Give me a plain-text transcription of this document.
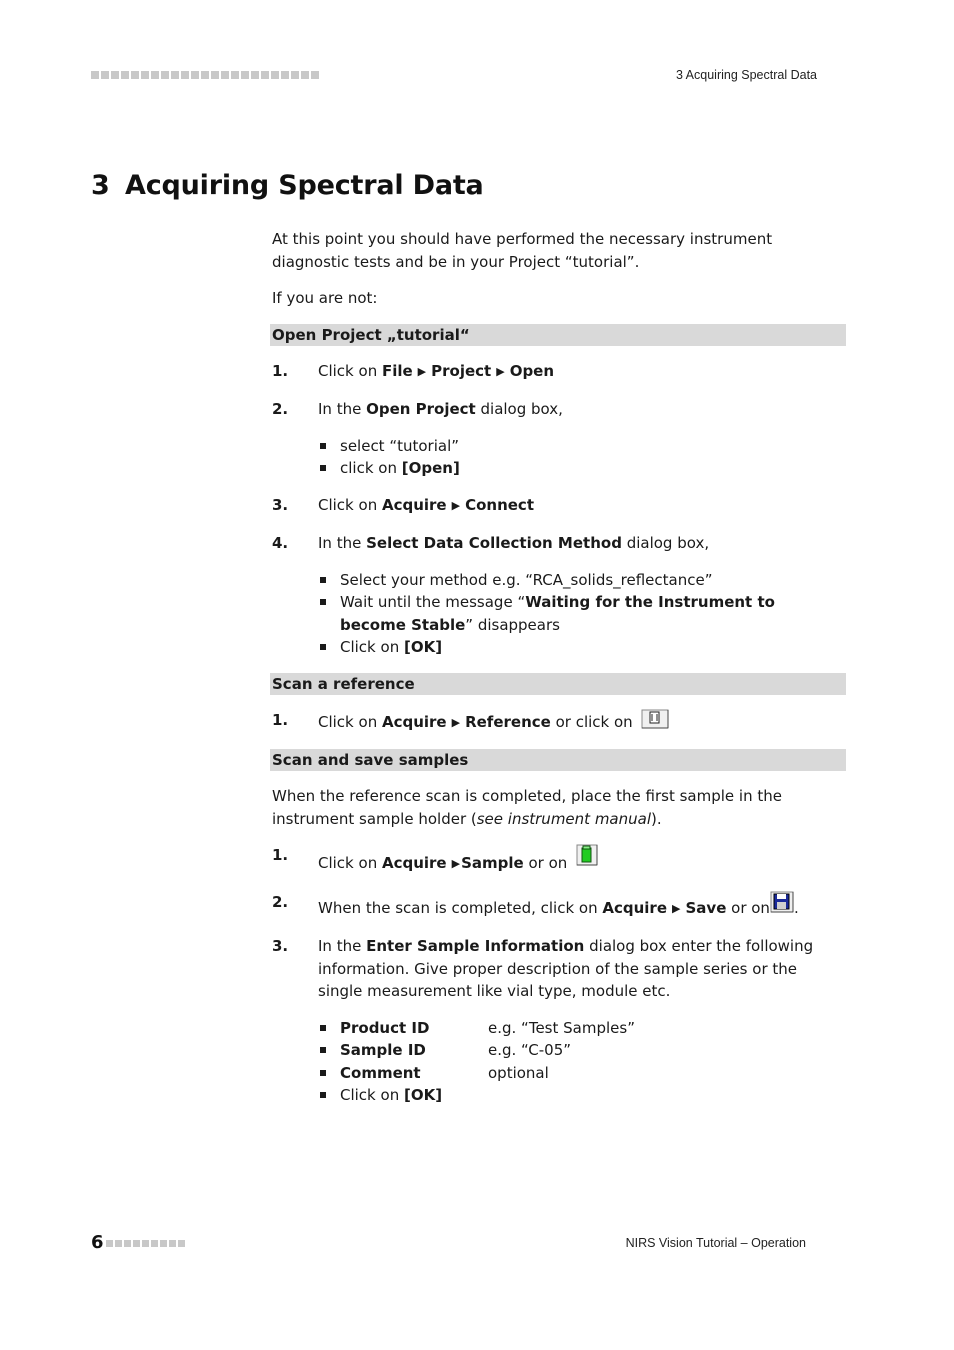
3 Acquiring Spectral Data
3 Acquiring Spectral Data

At this point you should have performed the necessary instrument diagnostic tests and be in your Project “tutorial”.

If you are not:

Open Project „tutorial“
1.	Click on File ▶ Project ▶ Open
2.	In the Open Project dialog box,
select “tutorial”
click on [Open]
3.	Click on Acquire ▶ Connect
4.	In the Select Data Collection Method dialog box,
Select your method e.g. “RCA_solids_reflectance”
Wait until the message “Waiting for the Instrument to become Stable” disappears
Click on [OK]
Scan a reference
1.	Click on Acquire ▶ Reference or click on
Scan and save samples

When the reference scan is completed, place the first sample in the instrument sample holder (see instrument manual).

1.	Click on Acquire ▶Sample or on
2.	When the scan is completed, click on Acquire ▶ Save or on .
3.	In the Enter Sample Information dialog box enter the following information. Give proper description of the sample series or the single measurement like vial type, module etc.
Product ID	e.g. “Test Samples”
Sample ID	e.g. “C-05”
Comment	optional
Click on [OK]
6	NIRS Vision Tutorial – Operation
